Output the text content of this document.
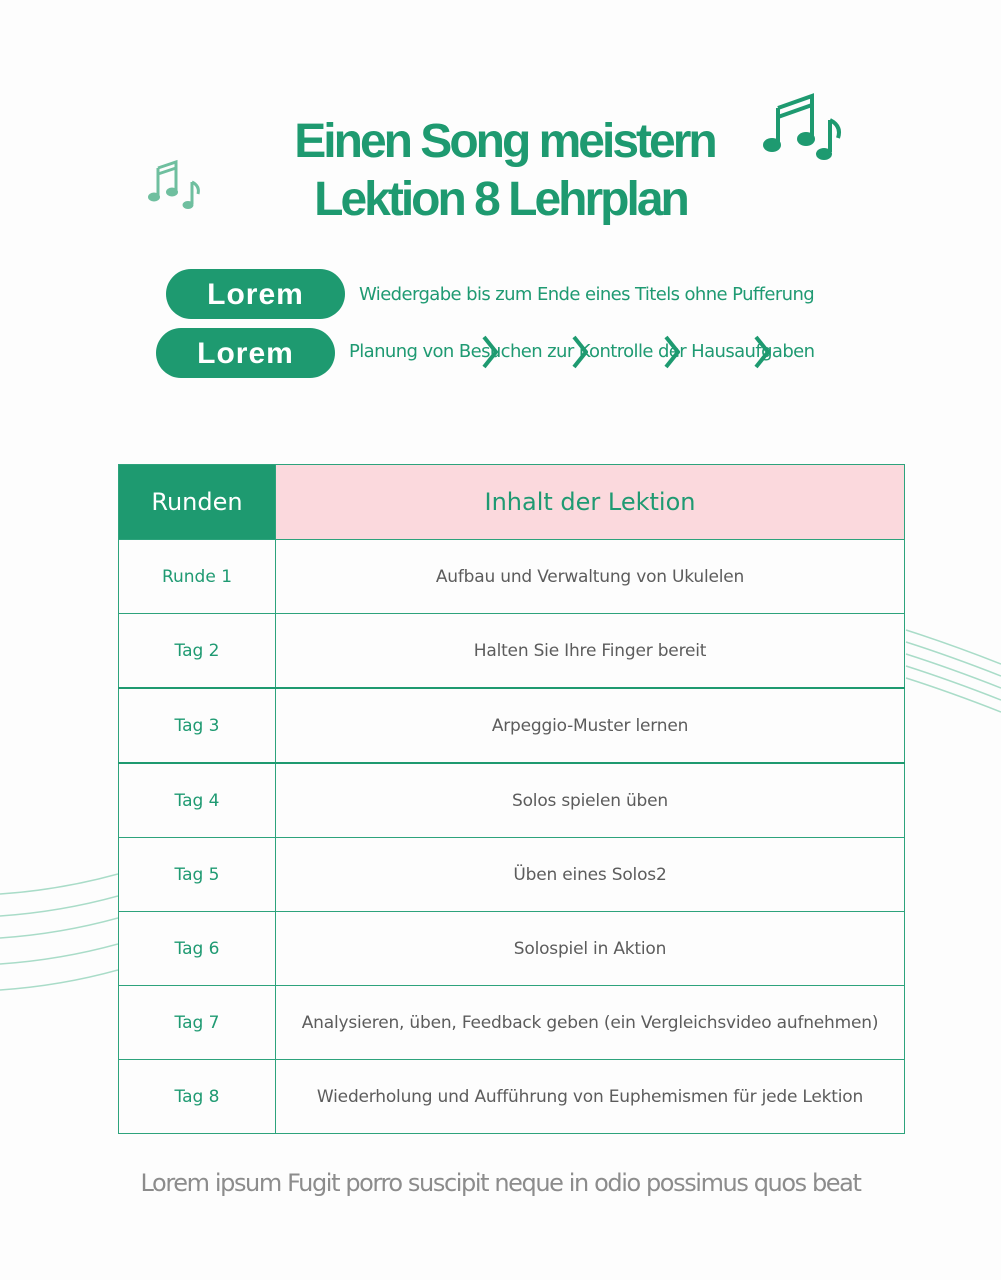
Einen Song meistern
Lektion 8 Lehrplan
Lorem	Wiedergabe bis zum Ende eines Titels ohne Pufferung
Lorem	Planung von Besuchen zur Kontrolle der Hausaufgaben
Runden	Inhalt der Lektion
Runde 1	Aufbau und Verwaltung von Ukulelen
Tag 2	Halten Sie Ihre Finger bereit
Tag 3	Arpeggio-Muster lernen
Tag 4	Solos spielen üben
Tag 5	Üben eines Solos2
Tag 6	Solospiel in Aktion
Tag 7	Analysieren, üben, Feedback geben (ein Vergleichsvideo aufnehmen)
Tag 8	Wiederholung und Aufführung von Euphemismen für jede Lektion
Lorem ipsum Fugit porro suscipit neque in odio possimus quos beat
